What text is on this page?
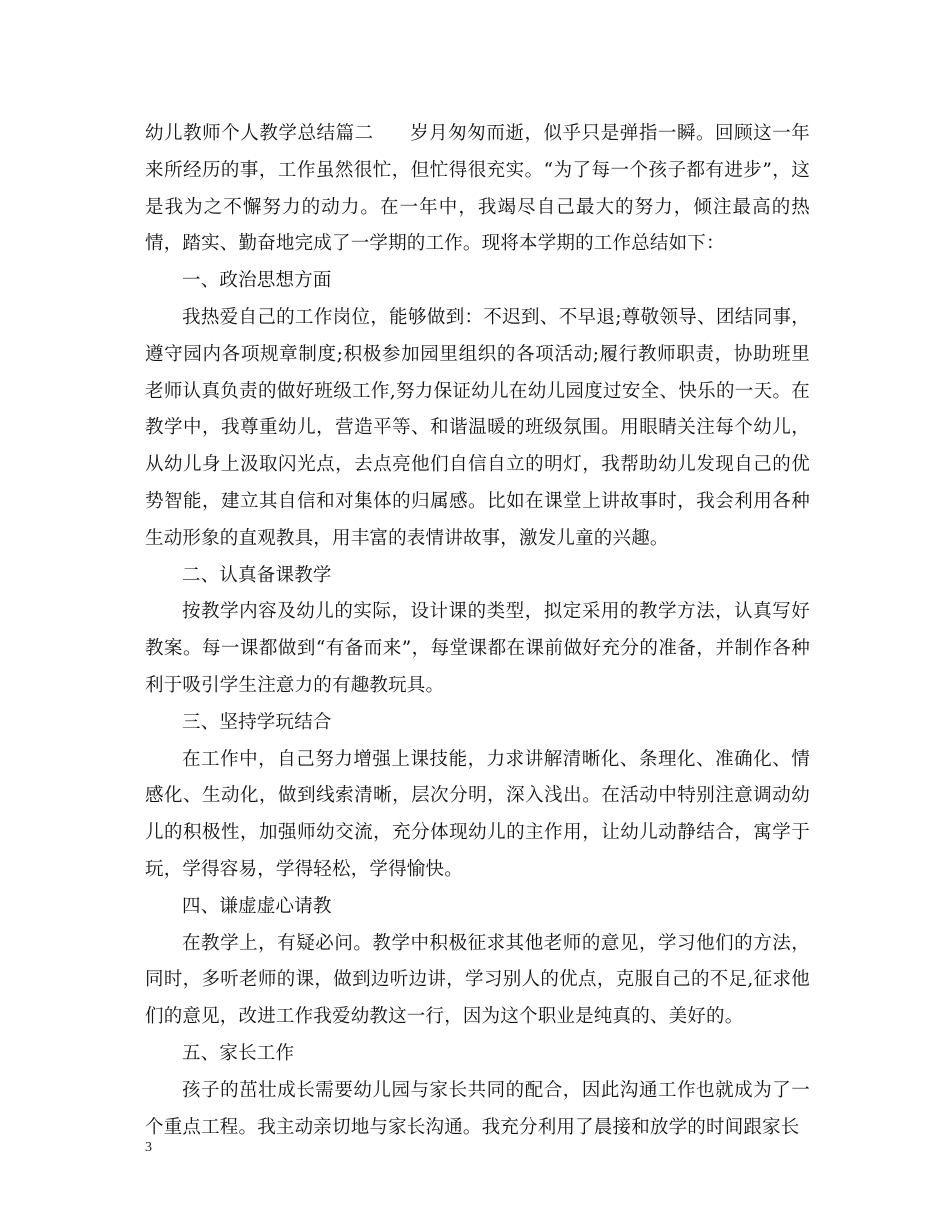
幼儿教师个人教学总结篇二 岁月匆匆而逝，似乎只是弹指一瞬。回顾这一年来所经历的事，工作虽然很忙，但忙得很充实。“为了每一个孩子都有进步”，这是我为之不懈努力的动力。在一年中，我竭尽自己最大的努力，倾注最高的热情，踏实、勤奋地完成了一学期的工作。现将本学期的工作总结如下：

一、政治思想方面

我热爱自己的工作岗位，能够做到：不迟到、不早退;尊敬领导、团结同事，遵守园内各项规章制度;积极参加园里组织的各项活动;履行教师职责，协助班里老师认真负责的做好班级工作,努力保证幼儿在幼儿园度过安全、快乐的一天。在教学中，我尊重幼儿，营造平等、和谐温暖的班级氛围。用眼睛关注每个幼儿，从幼儿身上汲取闪光点，去点亮他们自信自立的明灯，我帮助幼儿发现自己的优势智能，建立其自信和对集体的归属感。比如在课堂上讲故事时，我会利用各种生动形象的直观教具，用丰富的表情讲故事，激发儿童的兴趣。

二、认真备课教学

按教学内容及幼儿的实际，设计课的类型，拟定采用的教学方法，认真写好教案。每一课都做到“有备而来”，每堂课都在课前做好充分的准备，并制作各种利于吸引学生注意力的有趣教玩具。

三、坚持学玩结合

在工作中，自己努力增强上课技能，力求讲解清晰化、条理化、准确化、情感化、生动化，做到线索清晰，层次分明，深入浅出。在活动中特别注意调动幼儿的积极性，加强师幼交流，充分体现幼儿的主作用，让幼儿动静结合，寓学于玩，学得容易，学得轻松，学得愉快。

四、谦虚虚心请教

在教学上，有疑必问。教学中积极征求其他老师的意见，学习他们的方法，同时，多听老师的课，做到边听边讲，学习别人的优点，克服自己的不足,征求他们的意见，改进工作我爱幼教这一行，因为这个职业是纯真的、美好的。

五、家长工作

孩子的茁壮成长需要幼儿园与家长共同的配合，因此沟通工作也就成为了一个重点工程。我主动亲切地与家长沟通。我充分利用了晨接和放学的时间跟家长

3
